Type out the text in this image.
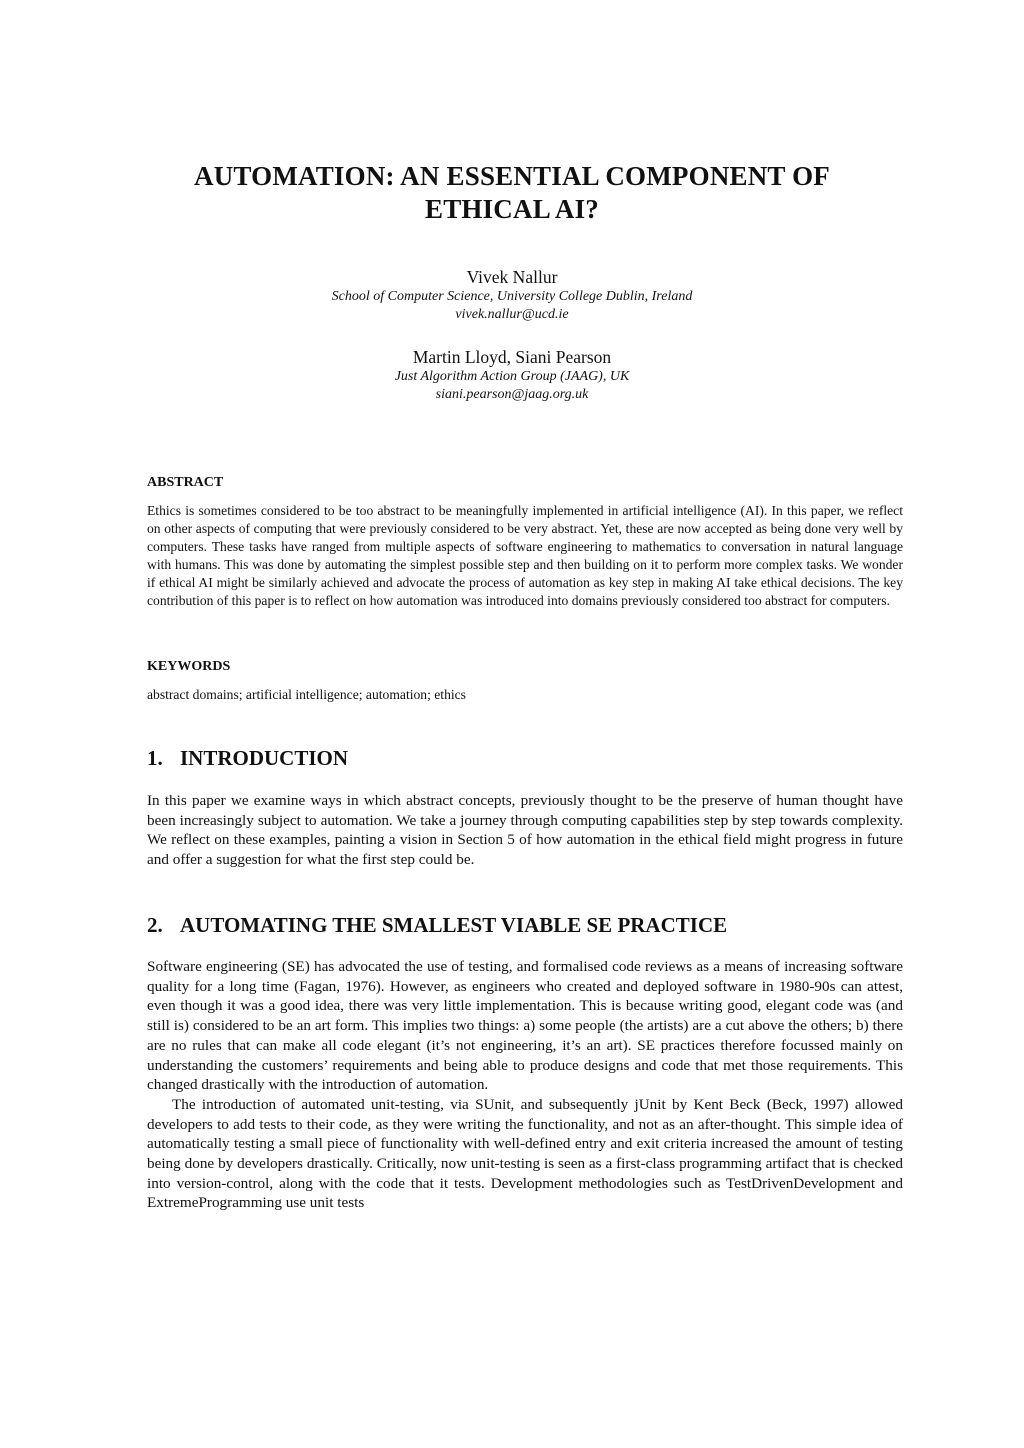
AUTOMATION: AN ESSENTIAL COMPONENT OF
ETHICAL AI?
Vivek Nallur
School of Computer Science, University College Dublin, Ireland
vivek.nallur@ucd.ie
Martin Lloyd, Siani Pearson
Just Algorithm Action Group (JAAG), UK
siani.pearson@jaag.org.uk
ABSTRACT

Ethics is sometimes considered to be too abstract to be meaningfully implemented in artificial intelligence (AI). In this paper, we reflect on other aspects of computing that were previously considered to be very abstract. Yet, these are now accepted as being done very well by computers. These tasks have ranged from multiple aspects of software engineering to mathematics to conversation in natural language with humans. This was done by automating the simplest possible step and then building on it to perform more complex tasks. We wonder if ethical AI might be similarly achieved and advocate the process of automation as key step in making AI take ethical decisions. The key contribution of this paper is to reflect on how automation was introduced into domains previously considered too abstract for computers.

KEYWORDS

abstract domains; artificial intelligence; automation; ethics

1. INTRODUCTION

In this paper we examine ways in which abstract concepts, previously thought to be the preserve of human thought have been increasingly subject to automation. We take a journey through computing capabilities step by step towards complexity. We reflect on these examples, painting a vision in Section 5 of how automation in the ethical field might progress in future and offer a suggestion for what the first step could be.

2. AUTOMATING THE SMALLEST VIABLE SE PRACTICE

Software engineering (SE) has advocated the use of testing, and formalised code reviews as a means of increasing software quality for a long time (Fagan, 1976). However, as engineers who created and deployed software in 1980-90s can attest, even though it was a good idea, there was very little implementation. This is because writing good, elegant code was (and still is) considered to be an art form. This implies two things: a) some people (the artists) are a cut above the others; b) there are no rules that can make all code elegant (it’s not engineering, it’s an art). SE practices therefore focussed mainly on understanding the customers’ requirements and being able to produce designs and code that met those requirements. This changed drastically with the introduction of automation.

The introduction of automated unit-testing, via SUnit, and subsequently jUnit by Kent Beck (Beck, 1997) allowed developers to add tests to their code, as they were writing the functionality, and not as an after-thought. This simple idea of automatically testing a small piece of functionality with well-defined entry and exit criteria increased the amount of testing being done by developers drastically. Critically, now unit-testing is seen as a first-class programming artifact that is checked into version-control, along with the code that it tests. Development methodologies such as TestDrivenDevelopment and ExtremeProgramming use unit tests
